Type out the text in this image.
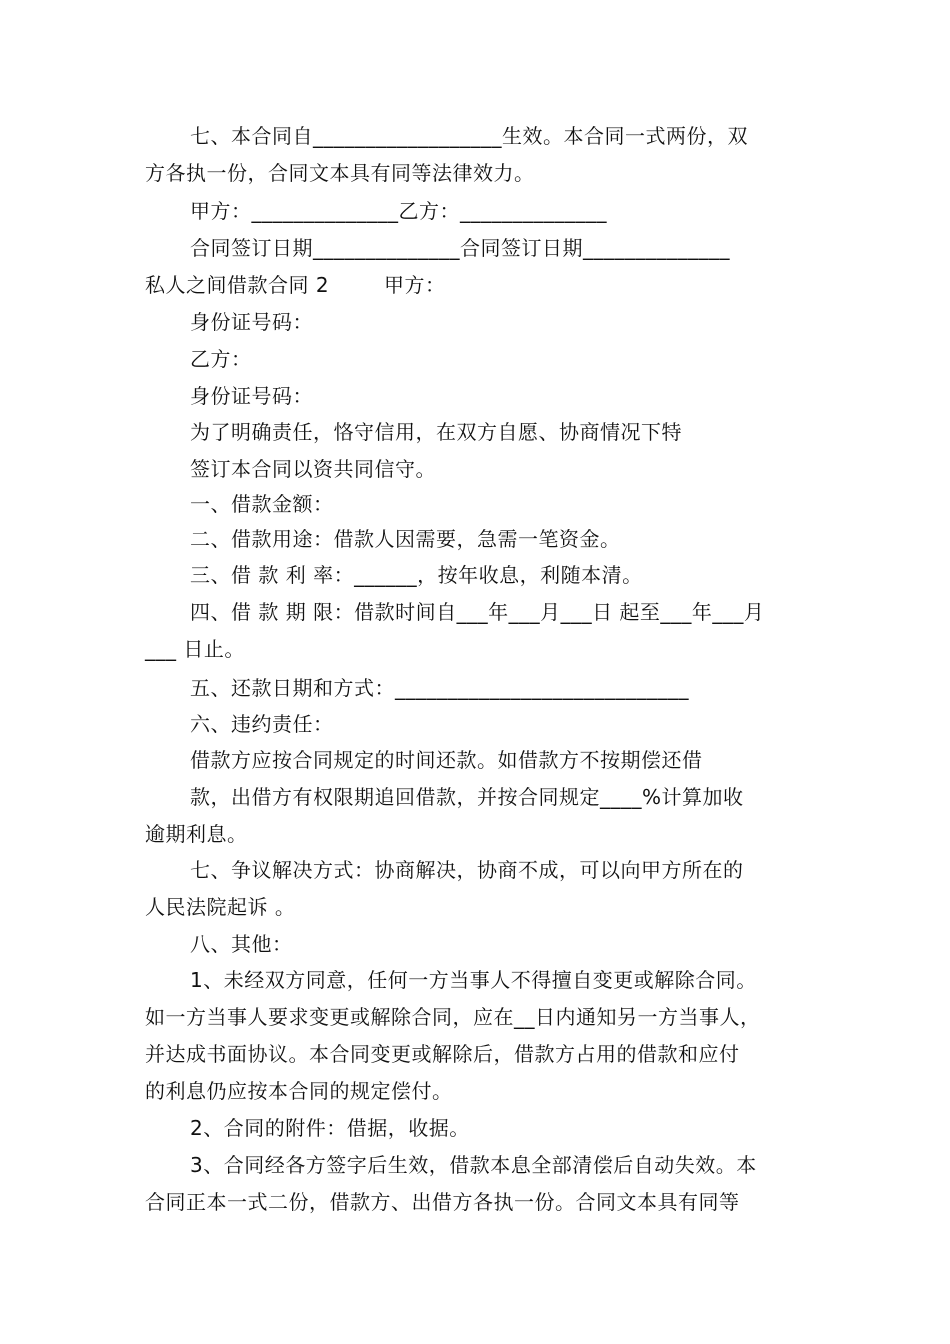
七、本合同自__________________生效。本合同一式两份，双
方各执一份，合同文本具有同等法律效力。
甲方：______________乙方：______________
合同签订日期______________合同签订日期______________
私人之间借款合同 2        甲方：
身份证号码：
乙方：
身份证号码：
为了明确责任，恪守信用，在双方自愿、协商情况下特
签订本合同以资共同信守。
一、借款金额：
二、借款用途：借款人因需要，急需一笔资金。
三、借 款 利 率：______，按年收息，利随本清。
四、借 款 期 限：借款时间自___年___月___日 起至___年___月
___ 日止。
五、还款日期和方式：____________________________
六、违约责任：
借款方应按合同规定的时间还款。如借款方不按期偿还借
款，出借方有权限期追回借款，并按合同规定____%计算加收
逾期利息。
七、争议解决方式：协商解决，协商不成，可以向甲方所在的
人民法院起诉 。
八、其他：
1、未经双方同意，任何一方当事人不得擅自变更或解除合同。
如一方当事人要求变更或解除合同，应在__日内通知另一方当事人，
并达成书面协议。本合同变更或解除后，借款方占用的借款和应付
的利息仍应按本合同的规定偿付。
2、合同的附件：借据，收据。
3、合同经各方签字后生效，借款本息全部清偿后自动失效。本
合同正本一式二份，借款方、出借方各执一份。合同文本具有同等
